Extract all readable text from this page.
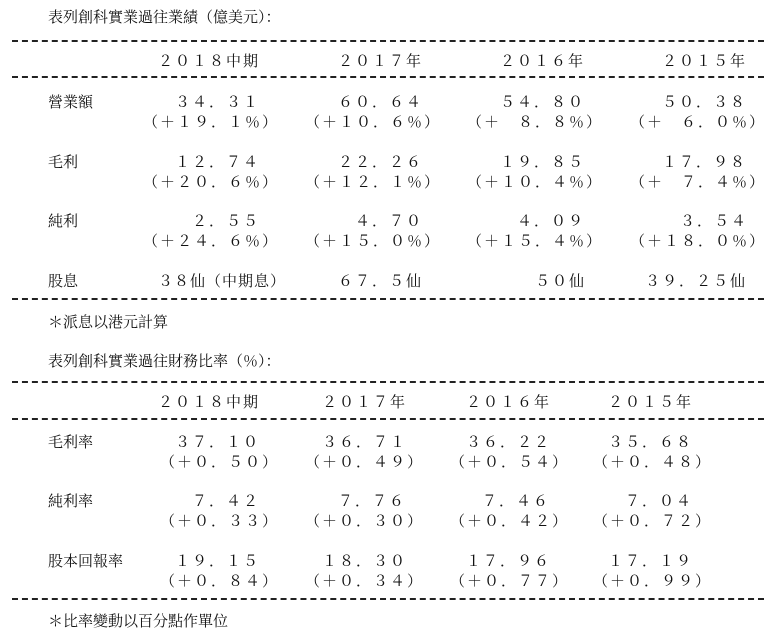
表列創科實業過往業績（億美元）：
２０１８中期	２０１７年	２０１６年	２０１５年
營業額	３４．３１	６０．６４	５４．８０	５０．３８
（＋１９．１％） （＋１０．６％） （＋　８．８％） （＋　６．０％）
毛利	１２．７４	２２．２６	１９．８５	１７．９８
（＋２０．６％） （＋１２．１％） （＋１０．４％） （＋　７．４％）
純利	２．５５	４．７０	４．０９	３．５４
（＋２４．６％） （＋１５．０％） （＋１５．４％） （＋１８．０％）
股息	３８仙（中期息）	６７．５仙	５０仙	３９．２５仙
＊派息以港元計算
表列創科實業過往財務比率（％）：
２０１８中期	２０１７年	２０１６年	２０１５年
毛利率	３７．１０	３６．７１	３６．２２	３５．６８
（＋０．５０） （＋０．４９） （＋０．５４） （＋０．４８）
純利率	７．４２	７．７６	７．４６	７．０４
（＋０．３３） （＋０．３０） （＋０．４２） （＋０．７２）
股本回報率	１９．１５	１８．３０	１７．９６	１７．１９
（＋０．８４） （＋０．３４） （＋０．７７） （＋０．９９）
＊比率變動以百分點作單位
